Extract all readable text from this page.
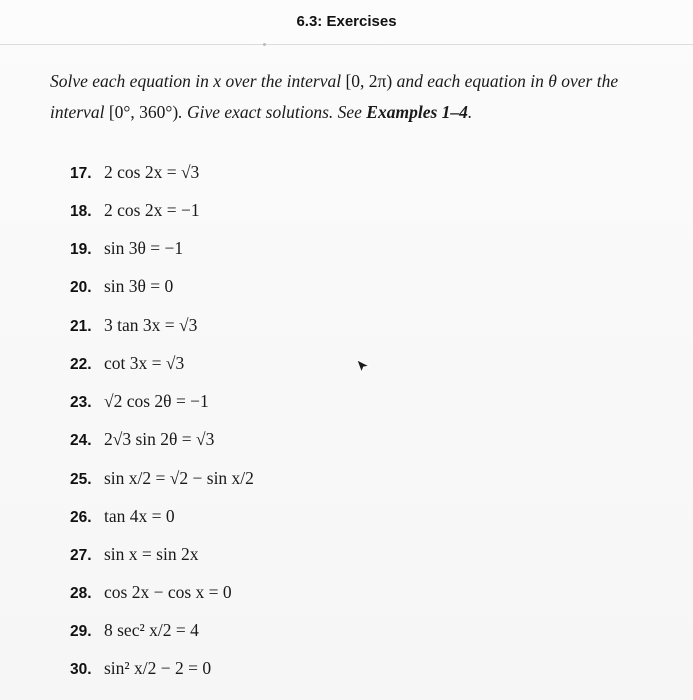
6.3: Exercises
Solve each equation in x over the interval [0, 2π) and each equation in θ over the interval [0°, 360°). Give exact solutions. See Examples 1–4.
17. 2 cos 2x = √3
18. 2 cos 2x = −1
19. sin 3θ = −1
20. sin 3θ = 0
21. 3 tan 3x = √3
22. cot 3x = √3
23. √2 cos 2θ = −1
24. 2√3 sin 2θ = √3
25. sin x/2 = √2 − sin x/2
26. tan 4x = 0
27. sin x = sin 2x
28. cos 2x − cos x = 0
29. 8 sec² x/2 = 4
30. sin² x/2 − 2 = 0
